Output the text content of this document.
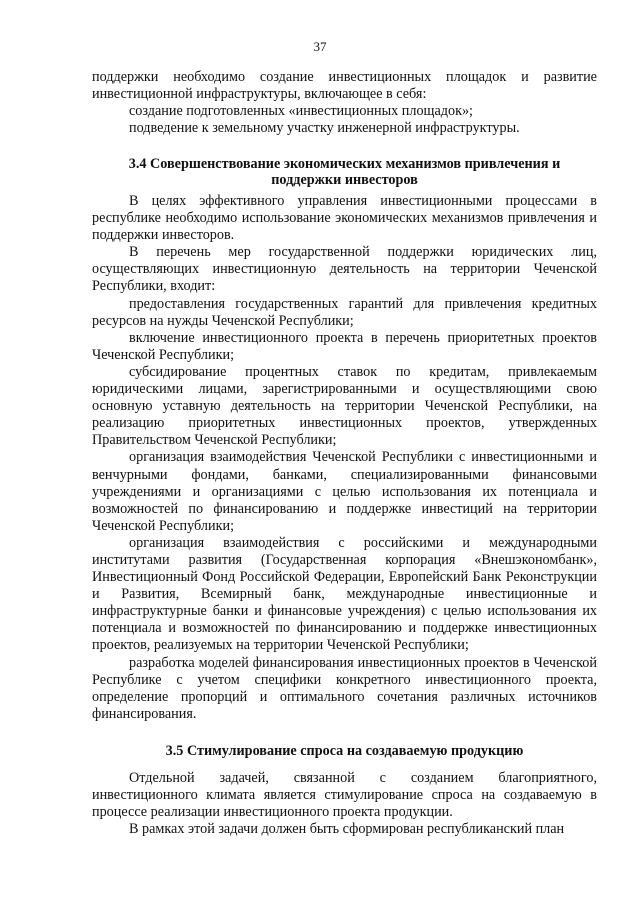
37

поддержки необходимо создание инвестиционных площадок и развитие инвестиционной инфраструктуры, включающее в себя:

создание подготовленных «инвестиционных площадок»;

подведение к земельному участку инженерной инфраструктуры.

3.4 Совершенствование экономических механизмов привлечения и
поддержки инвесторов

В целях эффективного управления инвестиционными процессами в республике необходимо использование экономических механизмов привлечения и поддержки инвесторов.

В перечень мер государственной поддержки юридических лиц, осуществляющих инвестиционную деятельность на территории Чеченской Республики, входит:

предоставления государственных гарантий для привлечения кредитных ресурсов на нужды Чеченской Республики;

включение инвестиционного проекта в перечень приоритетных проектов Чеченской Республики;

субсидирование процентных ставок по кредитам, привлекаемым юридическими лицами, зарегистрированными и осуществляющими свою основную уставную деятельность на территории Чеченской Республики, на реализацию приоритетных инвестиционных проектов, утвержденных Правительством Чеченской Республики;

организация взаимодействия Чеченской Республики с инвестиционными и венчурными фондами, банками, специализированными финансовыми учреждениями и организациями с целью использования их потенциала и возможностей по финансированию и поддержке инвестиций на территории Чеченской Республики;

организация взаимодействия с российскими и международными институтами развития (Государственная корпорация «Внешэкономбанк», Инвестиционный Фонд Российской Федерации, Европейский Банк Реконструкции и Развития, Всемирный банк, международные инвестиционные и инфраструктурные банки и финансовые учреждения) с целью использования их потенциала и возможностей по финансированию и поддержке инвестиционных проектов, реализуемых на территории Чеченской Республики;

разработка моделей финансирования инвестиционных проектов в Чеченской Республике с учетом специфики конкретного инвестиционного проекта, определение пропорций и оптимального сочетания различных источников финансирования.

3.5 Стимулирование спроса на создаваемую продукцию

Отдельной задачей, связанной с созданием благоприятного, инвестиционного климата является стимулирование спроса на создаваемую в процессе реализации инвестиционного проекта продукции.

В рамках этой задачи должен быть сформирован республиканский план
